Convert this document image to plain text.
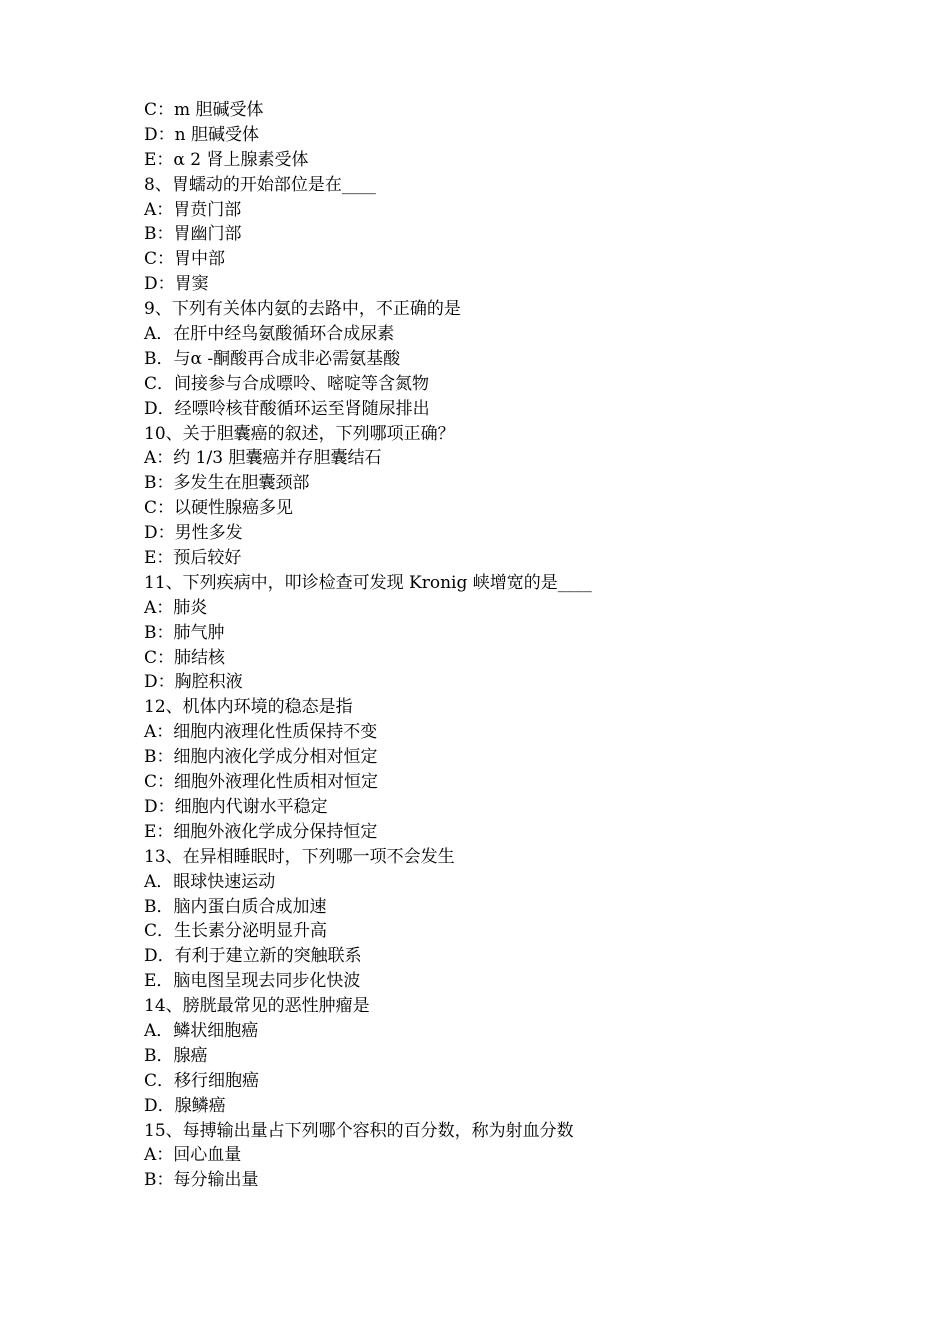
C：m 胆碱受体
D：n 胆碱受体
E：α 2 肾上腺素受体
8、胃蠕动的开始部位是在____
A：胃贲门部
B：胃幽门部
C：胃中部
D：胃窦
9、下列有关体内氨的去路中，不正确的是
A．在肝中经鸟氨酸循环合成尿素
B．与α -酮酸再合成非必需氨基酸
C．间接参与合成嘌呤、嘧啶等含氮物
D．经嘌呤核苷酸循环运至肾随尿排出
10、关于胆囊癌的叙述，下列哪项正确？
A：约 1/3 胆囊癌并存胆囊结石
B：多发生在胆囊颈部
C：以硬性腺癌多见
D：男性多发
E：预后较好
11、下列疾病中，叩诊检查可发现 Kronig 峡增宽的是____
A：肺炎
B：肺气肿
C：肺结核
D：胸腔积液
12、机体内环境的稳态是指
A：细胞内液理化性质保持不变
B：细胞内液化学成分相对恒定
C：细胞外液理化性质相对恒定
D：细胞内代谢水平稳定
E：细胞外液化学成分保持恒定
13、在异相睡眠时，下列哪一项不会发生
A．眼球快速运动
B．脑内蛋白质合成加速
C．生长素分泌明显升高
D．有利于建立新的突触联系
E．脑电图呈现去同步化快波
14、膀胱最常见的恶性肿瘤是
A．鳞状细胞癌
B．腺癌
C．移行细胞癌
D．腺鳞癌
15、每搏输出量占下列哪个容积的百分数，称为射血分数
A：回心血量
B：每分输出量
